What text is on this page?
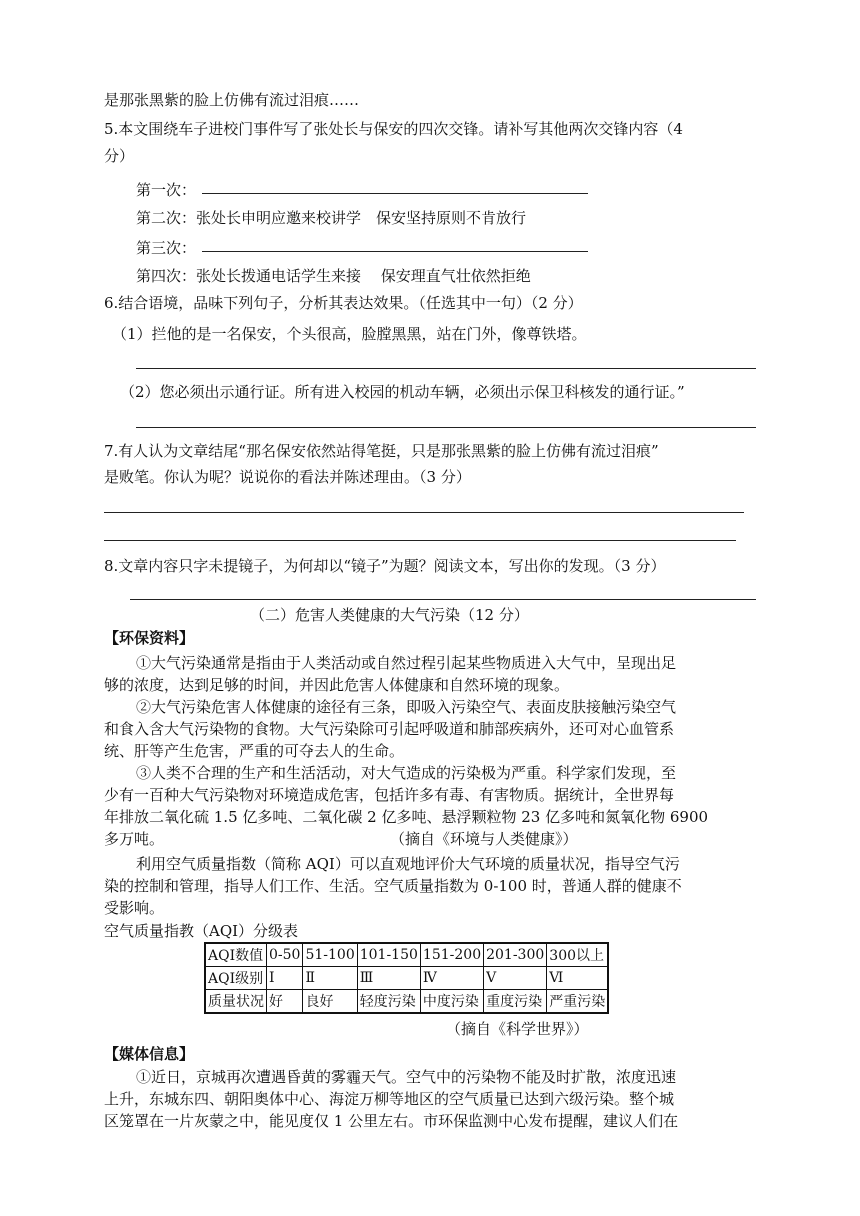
是那张黑紫的脸上仿佛有流过泪痕……
5.本文围绕车子进校门事件写了张处长与保安的四次交锋。请补写其他两次交锋内容（4
分）
第一次：
第二次：张处长申明应邀来校讲学　保安坚持原则不肯放行
第三次：
第四次：张处长拨通电话学生来接　 保安理直气壮依然拒绝
6.结合语境，品味下列句子，分析其表达效果。（任选其中一句）（2 分）
（1）拦他的是一名保安，个头很高，脸膛黑黑，站在门外，像尊铁塔。
（2）您必须出示通行证。所有进入校园的机动车辆，必须出示保卫科核发的通行证。”
7.有人认为文章结尾“那名保安依然站得笔挺，只是那张黑紫的脸上仿佛有流过泪痕”
是败笔。你认为呢？说说你的看法并陈述理由。（3 分）
8.文章内容只字未提镜子，为何却以“镜子”为题？阅读文本，写出你的发现。（3 分）
（二）危害人类健康的大气污染（12 分）
【环保资料】
①大气污染通常是指由于人类活动或自然过程引起某些物质进入大气中，呈现出足
够的浓度，达到足够的时间，并因此危害人体健康和自然环境的现象。
②大气污染危害人体健康的途径有三条，即吸入污染空气、表面皮肤接触污染空气
和食入含大气污染物的食物。大气污染除可引起呼吸道和肺部疾病外，还可对心血管系
统、肝等产生危害，严重的可夺去人的生命。
③人类不合理的生产和生活活动，对大气造成的污染极为严重。科学家们发现，至
少有一百种大气污染物对环境造成危害，包括许多有毒、有害物质。据统计，全世界每
年排放二氧化硫 1.5 亿多吨、二氧化碳 2 亿多吨、悬浮颗粒物 23 亿多吨和氮氧化物 6900
多万吨。	（摘自《环境与人类健康》）
利用空气质量指数（简称 AQI）可以直观地评价大气环境的质量状况，指导空气污
染的控制和管理，指导人们工作、生活。空气质量指数为 0-100 时，普通人群的健康不
受影响。
空气质量指教（AQI）分级表
AQI数值	0-50	51-100	101-150	151-200	201-300	300以上
AQI级别	Ⅰ	Ⅱ	Ⅲ	Ⅳ	Ⅴ	Ⅵ
质量状况	好	良好	轻度污染	中度污染	重度污染	严重污染
（摘自《科学世界》）
【媒体信息】
①近日，京城再次遭遇昏黄的雾霾天气。空气中的污染物不能及时扩散，浓度迅速
上升，东城东四、朝阳奥体中心、海淀万柳等地区的空气质量已达到六级污染。整个城
区笼罩在一片灰蒙之中，能见度仅 1 公里左右。市环保监测中心发布提醒，建议人们在
